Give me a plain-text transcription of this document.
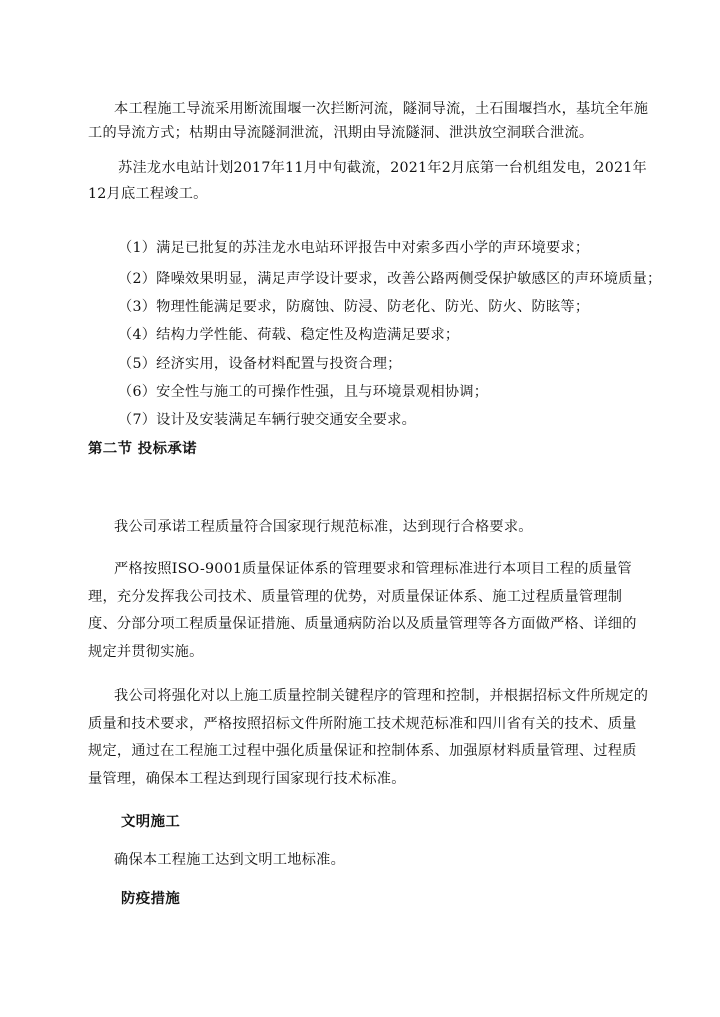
本工程施工导流采用断流围堰一次拦断河流，隧洞导流，土石围堰挡水，基坑全年施工的导流方式；枯期由导流隧洞泄流，汛期由导流隧洞、泄洪放空洞联合泄流。

苏洼龙水电站计划2017年11月中旬截流，2021年2月底第一台机组发电，2021年12月底工程竣工。

（1）满足已批复的苏洼龙水电站环评报告中对索多西小学的声环境要求；

（2）降噪效果明显，满足声学设计要求，改善公路两侧受保护敏感区的声环境质量；

（3）物理性能满足要求，防腐蚀、防浸、防老化、防光、防火、防眩等；

（4）结构力学性能、荷载、稳定性及构造满足要求；

（5）经济实用，设备材料配置与投资合理；

（6）安全性与施工的可操作性强，且与环境景观相协调；

（7）设计及安装满足车辆行驶交通安全要求。

第二节 投标承诺

我公司承诺工程质量符合国家现行规范标准，达到现行合格要求。

严格按照ISO-9001质量保证体系的管理要求和管理标准进行本项目工程的质量管理，充分发挥我公司技术、质量管理的优势，对质量保证体系、施工过程质量管理制度、分部分项工程质量保证措施、质量通病防治以及质量管理等各方面做严格、详细的规定并贯彻实施。

我公司将强化对以上施工质量控制关键程序的管理和控制，并根据招标文件所规定的质量和技术要求，严格按照招标文件所附施工技术规范标准和四川省有关的技术、质量规定，通过在工程施工过程中强化质量保证和控制体系、加强原材料质量管理、过程质量管理，确保本工程达到现行国家现行技术标准。

文明施工

确保本工程施工达到文明工地标准。

防疫措施
